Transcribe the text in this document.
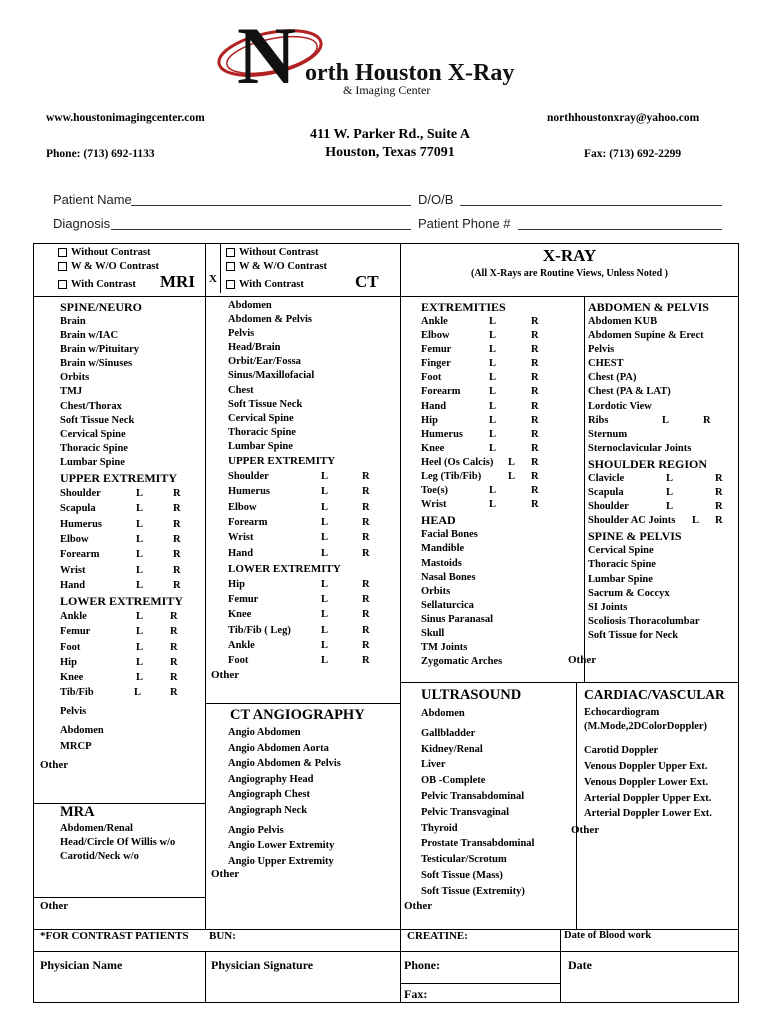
N orth Houston X-Ray
& Imaging Center
www.houstonimagingcenter.com	northhoustonxray@yahoo.com
411 W. Parker Rd., Suite A
Houston, Texas 77091
Phone: (713) 692-1133	Fax: (713) 692-2299
Patient Name	D/O/B
Diagnosis	Patient Phone #
Without Contrast
W & W/O Contrast
With Contrast	MRI X
Without Contrast
W & W/O Contrast
With Contrast	CT
X-RAY
(All X-Rays are Routine Views, Unless Noted )
SPINE/NEURO
Brain
Brain w/IAC
Brain w/Pituitary
Brain w/Sinuses
Orbits
TMJ
Chest/Thorax
Soft Tissue Neck
Cervical Spine
Thoracic Spine
Lumbar Spine
UPPER EXTREMITY
Shoulder	L	R
Scapula	L	R
Humerus	L	R
Elbow	L	R
Forearm	L	R
Wrist	L	R
Hand	L	R
LOWER EXTREMITY
Ankle	L	R
Femur	L	R
Foot	L	R
Hip	L	R
Knee	L	R
Tib/Fib	L	R
Pelvis
Abdomen
MRCP
Other
MRA
Abdomen/Renal
Head/Circle Of Willis w/o
Carotid/Neck w/o
Other
Abdomen
Abdomen & Pelvis
Pelvis
Head/Brain
Orbit/Ear/Fossa
Sinus/Maxillofacial
Chest
Soft Tissue Neck
Cervical Spine
Thoracic Spine
Lumbar Spine
UPPER EXTREMITY
Shoulder	L	R
Humerus	L	R
Elbow	L	R
Forearm	L	R
Wrist	L	R
Hand	L	R
LOWER EXTREMITY
Hip	L	R
Femur	L	R
Knee	L	R
Tib/Fib ( Leg)	L	R
Ankle	L	R
Foot	L	R
Other
CT ANGIOGRAPHY
Angio Abdomen
Angio Abdomen Aorta
Angio Abdomen & Pelvis
Angiography Head
Angiograph Chest
Angiograph Neck
Angio Pelvis
Angio Lower Extremity
Angio Upper Extremity
Other
EXTREMITIES
Ankle	L	R
Elbow	L	R
Femur	L	R
Finger	L	R
Foot	L	R
Forearm	L	R
Hand	L	R
Hip	L	R
Humerus L	R
Knee	L	R
Heel (Os Calcis) L R
Leg (Tib/Fib)	L R
Toe(s)	L	R
Wrist	L	R
HEAD
Facial Bones
Mandible
Mastoids
Nasal Bones
Orbits
Sellaturcica
Sinus Paranasal
Skull
TM Joints
Zygomatic Arches
ABDOMEN & PELVIS
Abdomen KUB
Abdomen Supine & Erect
Pelvis
CHEST
Chest (PA)
Chest (PA & LAT)
Lordotic View
Ribs	L	R
Sternum
Sternoclavicular Joints
SHOULDER REGION
Clavicle	L	R
Scapula	L	R
Shoulder	L	R
Shoulder AC Joints L R
SPINE & PELVIS
Cervical Spine
Thoracic Spine
Lumbar Spine
Sacrum & Coccyx
SI Joints
Scoliosis Thoracolumbar
Soft Tissue for Neck
Other
ULTRASOUND
Abdomen
Gallbladder
Kidney/Renal
Liver
OB -Complete
Pelvic Transabdominal
Pelvic Transvaginal
Thyroid
Prostate Transabdominal
Testicular/Scrotum
Soft Tissue (Mass)
Soft Tissue (Extremity)
Other
CARDIAC/VASCULAR
Echocardiogram
(M.Mode,2DColorDoppler)
Carotid Doppler
Venous Doppler Upper Ext.
Venous Doppler Lower Ext.
Arterial Doppler Upper Ext.
Arterial Doppler Lower Ext.
Other
*FOR CONTRAST PATIENTS BUN:	CREATINE:	Date of Blood work
Physician Name	Physician Signature	Phone:	Date
Fax:
